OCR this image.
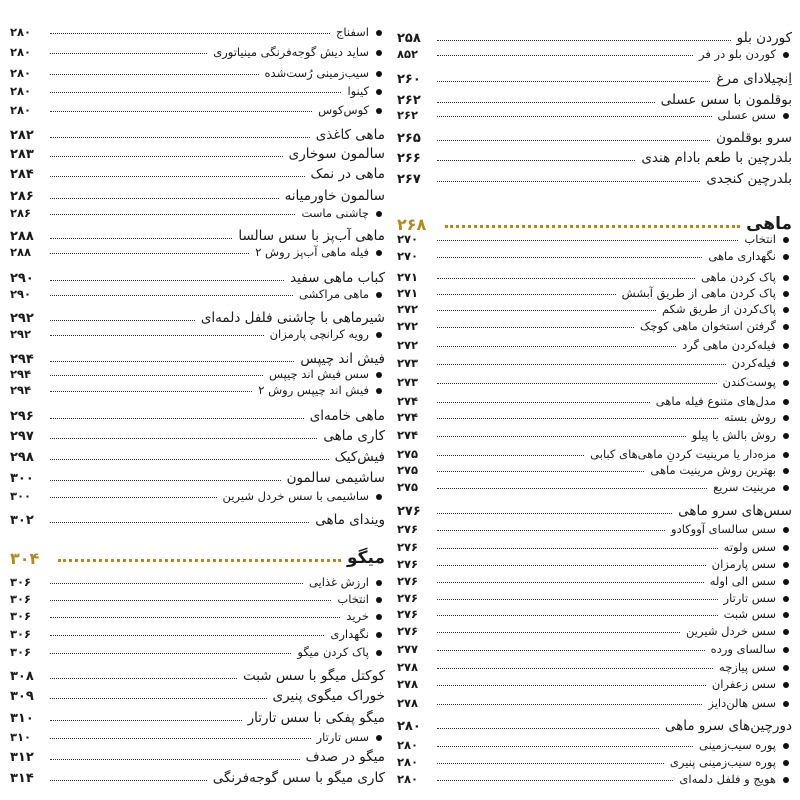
کوردن بلو
۲۵۸
کوردن بلو در فر
۸۵۲
اِنچیلادای مرغ
۲۶۰
بوقلمون با سس عسلی
۲۶۲
سس عسلی
۲۶۲
سرو بوقلمون
۲۶۵
بلدرچین با طعم بادام هندی
۲۶۶
بلدرچین کنجدی
۲۶۷
ماهی
۲۶۸
انتخاب
۲۷۰
نگهداری ماهی
۲۷۰
پاک کردن ماهی
۲۷۱
پاک کردن ماهی از طریق آبشش
۲۷۱
پاک‌کردن از طریق شکم
۲۷۲
گرفتن استخوان ماهی کوچک
۲۷۲
فیله‌کردن ماهی گرد
۲۷۲
فیله‌کردن
۲۷۳
پوست‌کندن
۲۷۳
مدل‌های متنوع فیله ماهی
۲۷۴
روش بسته
۲۷۴
روش بالش یا پیلو
۲۷۴
مزه‌دار یا مرینیت کردنِ ماهی‌های کبابی
۲۷۵
بهترین روش مرینیت ماهی
۲۷۵
مرینیت سریع
۲۷۵
سس‌های سرو ماهی
۲۷۶
سس سالسای آووکادو
۲۷۶
سس ولوته
۲۷۶
سس پارمزان
۲۷۶
سس الی اوله
۲۷۶
سس تارتار
۲۷۶
سس شبت
۲۷۶
سس خردل شیرین
۲۷۶
سالسای ورده
۲۷۷
سس پیازچه
۲۷۸
سس زعفران
۲۷۸
سس هالن‌دایز
۲۷۸
دورچین‌های سرو ماهی
۲۸۰
پوره سیب‌زمینی
۲۸۰
پوره سیب‌زمینی پنیری
۲۸۰
هویج و فلفل دلمه‌ای
۲۸۰
اسفناج
۲۸۰
ساید دیش گوجه‌فرنگی مینیاتوری
۲۸۰
سیب‌زمینی رُست‌شده
۲۸۰
کینوا
۲۸۰
کوس‌کوس
۲۸۰
ماهی کاغذی
۲۸۲
سالمون سوخاری
۲۸۳
ماهی در نمک
۲۸۴
سالمون خاورمیانه
۲۸۶
چاشنی ماست
۲۸۶
ماهی آب‌پز با سس سالسا
۲۸۸
فیله ماهی آب‌پز روش ۲
۲۸۸
کباب ماهی سفید
۲۹۰
ماهی مراکشی
۲۹۰
شیرماهی با چاشنی فلفل دلمه‌ای
۲۹۲
رویه کرانچی پارمزان
۲۹۲
فیش اند چیپس
۲۹۴
سس فیش اند چیپس
۲۹۴
فیش اند چیپس روش ۲
۲۹۴
ماهی خامه‌ای
۲۹۶
کاری ماهی
۲۹۷
فیش‌کیک
۲۹۸
ساشیمی سالمون
۳۰۰
ساشیمی با سس خردل شیرین
۳۰۰
ویندای ماهی
۳۰۲
میگو
۳۰۴
ارزش غذایی
۳۰۶
انتخاب
۳۰۶
خرید
۳۰۶
نگهداری
۳۰۶
پاک کردن میگو
۳۰۶
کوکتل میگو با سس شبت
۳۰۸
خوراک میگوی پنیری
۳۰۹
میگو پفکی با سس تارتار
۳۱۰
سس تارتار
۳۱۰
میگو در صدف
۳۱۲
کاری میگو با سس گوجه‌فرنگی
۳۱۴
